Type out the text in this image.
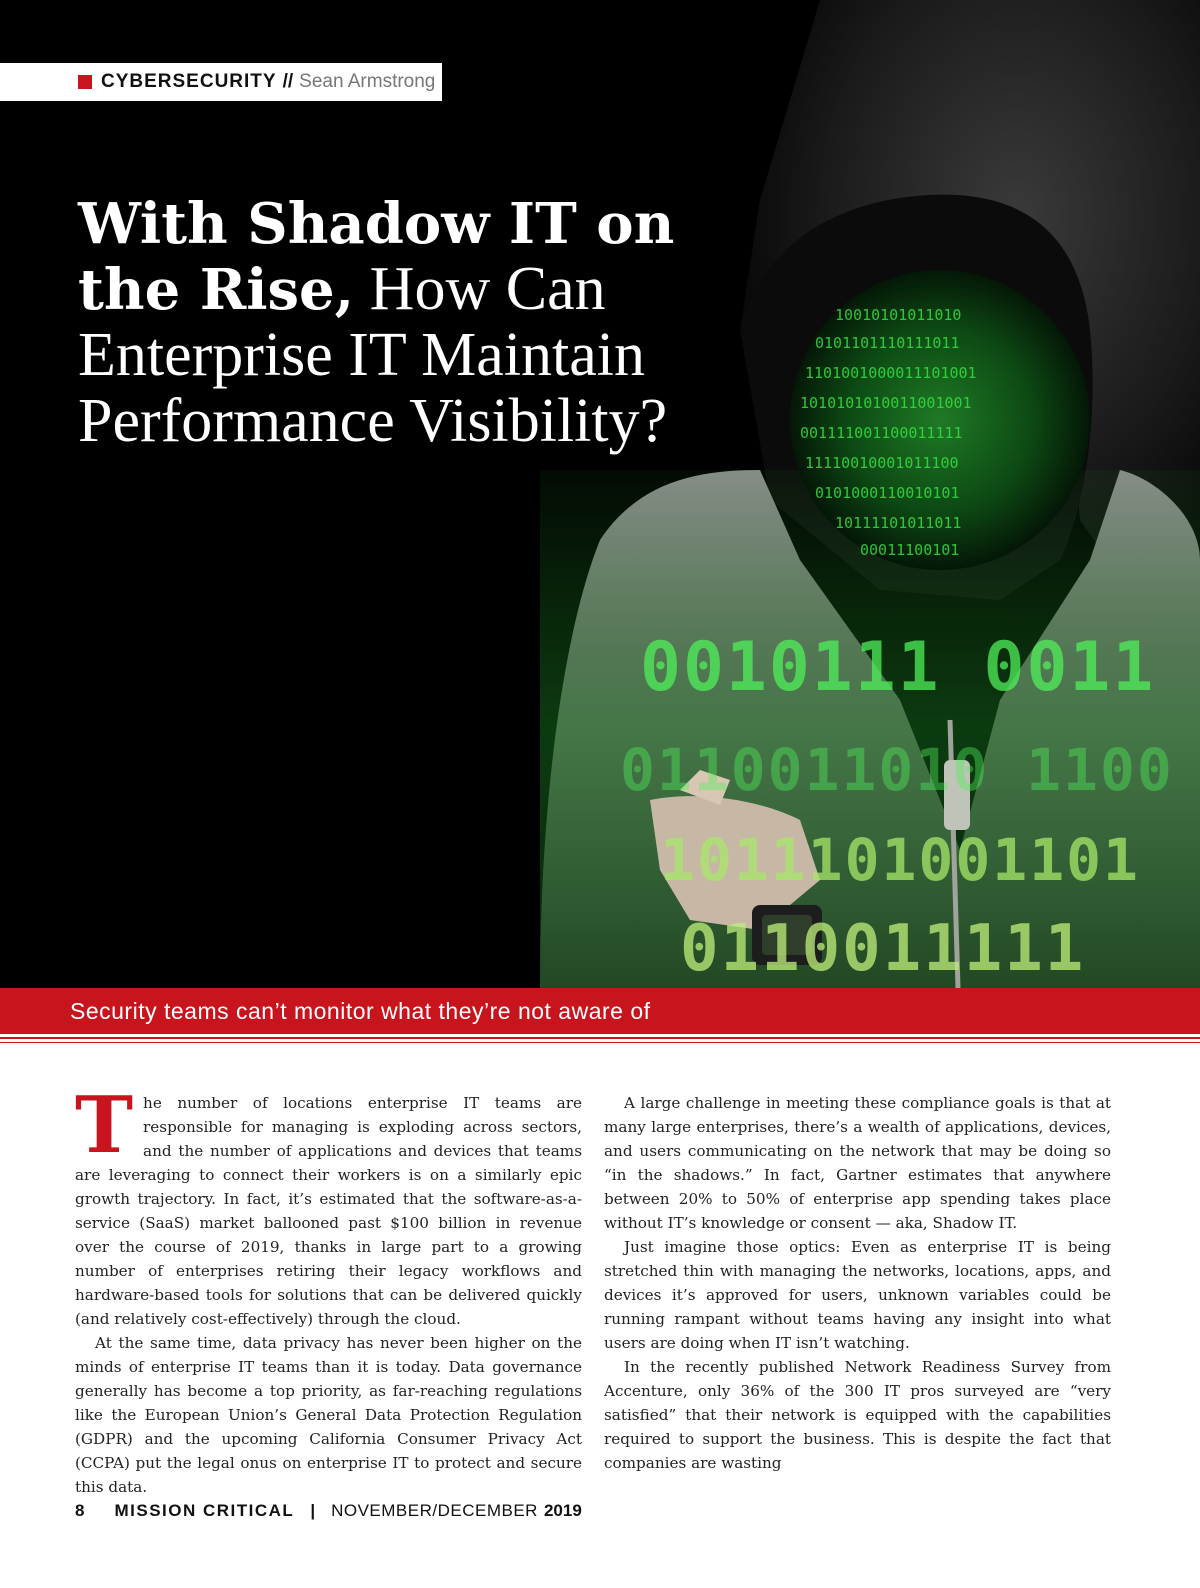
10010101011010
0101101110111011
1101001000011101001
1010101010011001001
001111001100011111
11110010001011100
0101000110010101
10111101011011
00011100101
0010111 0011
0110011010 1100
1011101001101
0110011111
CYBERSECURITY // Sean Armstrong
With Shadow IT on
the Rise, How Can
Enterprise IT Maintain
Performance Visibility?
Security teams can’t monitor what they’re not aware of

The number of locations enterprise IT teams are responsible for managing is exploding across sectors, and the number of applications and devices that teams are leveraging to connect their workers is on a similarly epic growth trajectory. In fact, it’s estimated that the software-as-a-service (SaaS) market ballooned past $100 billion in revenue over the course of 2019, thanks in large part to a growing number of enterprises retiring their legacy workflows and hardware-based tools for solutions that can be delivered quickly (and relatively cost-effectively) through the cloud.

At the same time, data privacy has never been higher on the minds of enterprise IT teams than it is today. Data governance generally has become a top priority, as far-reaching regulations like the European Union’s General Data Protection Regulation (GDPR) and the upcoming California Consumer Privacy Act (CCPA) put the legal onus on enterprise IT to protect and secure this data.

A large challenge in meeting these compliance goals is that at many large enterprises, there’s a wealth of applications, devices, and users communicating on the network that may be doing so “in the shadows.” In fact, Gartner estimates that anywhere between 20% to 50% of enterprise app spending takes place without IT’s knowledge or consent — aka, Shadow IT.

Just imagine those optics: Even as enterprise IT is being stretched thin with managing the networks, locations, apps, and devices it’s approved for users, unknown variables could be running rampant without teams having any insight into what users are doing when IT isn’t watching.

In the recently published Network Readiness Survey from Accenture, only 36% of the 300 IT pros surveyed are “very satisfied” that their network is equipped with the capabilities required to support the business. This is despite the fact that companies are wasting

8 MISSION CRITICAL | NOVEMBER/DECEMBER 2019
